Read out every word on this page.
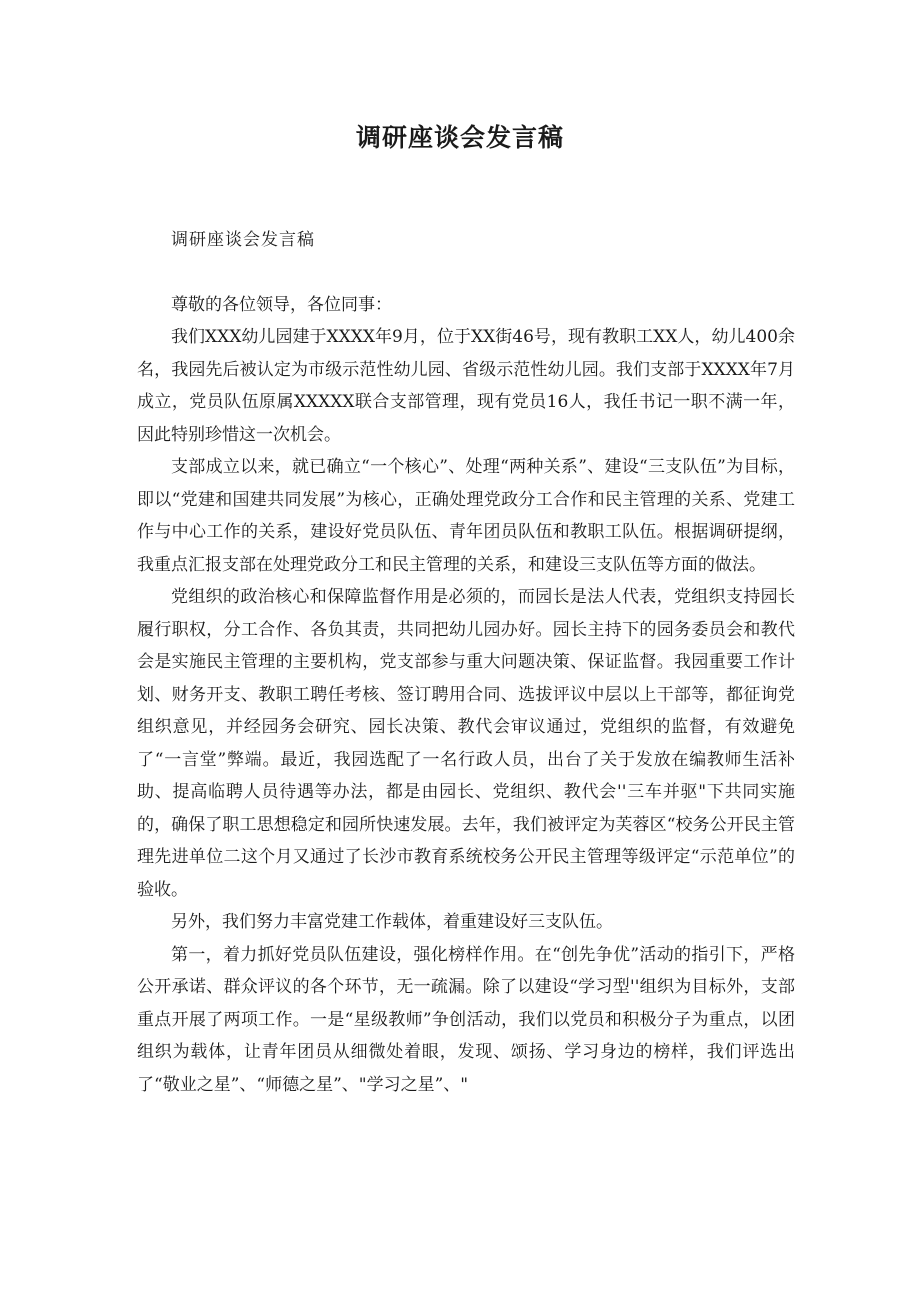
调研座谈会发言稿

调研座谈会发言稿

尊敬的各位领导，各位同事：

我们XXX幼儿园建于XXXX年9月，位于XX街46号，现有教职工XX人，幼儿400余名，我园先后被认定为市级示范性幼儿园、省级示范性幼儿园。我们支部于XXXX年7月成立，党员队伍原属XXXXX联合支部管理，现有党员16人，我任书记一职不满一年，因此特别珍惜这一次机会。

支部成立以来，就已确立“一个核心”、处理“两种关系”、建设“三支队伍”为目标，即以“党建和国建共同发展”为核心，正确处理党政分工合作和民主管理的关系、党建工作与中心工作的关系，建设好党员队伍、青年团员队伍和教职工队伍。根据调研提纲，我重点汇报支部在处理党政分工和民主管理的关系，和建设三支队伍等方面的做法。

党组织的政治核心和保障监督作用是必须的，而园长是法人代表，党组织支持园长履行职权，分工合作、各负其责，共同把幼儿园办好。园长主持下的园务委员会和教代会是实施民主管理的主要机构，党支部参与重大问题决策、保证监督。我园重要工作计划、财务开支、教职工聘任考核、签订聘用合同、选拔评议中层以上干部等，都征询党组织意见，并经园务会研究、园长决策、教代会审议通过，党组织的监督，有效避免了“一言堂”弊端。最近，我园选配了一名行政人员，出台了关于发放在编教师生活补助、提高临聘人员待遇等办法，都是由园长、党组织、教代会''三车并驱"下共同实施的，确保了职工思想稳定和园所快速发展。去年，我们被评定为芙蓉区“校务公开民主管理先进单位二这个月又通过了长沙市教育系统校务公开民主管理等级评定“示范单位”的验收。

另外，我们努力丰富党建工作载体，着重建设好三支队伍。

第一，着力抓好党员队伍建设，强化榜样作用。在“创先争优”活动的指引下，严格公开承诺、群众评议的各个环节，无一疏漏。除了以建设“学习型''组织为目标外，支部重点开展了两项工作。一是“星级教师”争创活动，我们以党员和积极分子为重点，以团组织为载体，让青年团员从细微处着眼，发现、颂扬、学习身边的榜样，我们评选出了“敬业之星”、“师德之星”、"学习之星”、"
